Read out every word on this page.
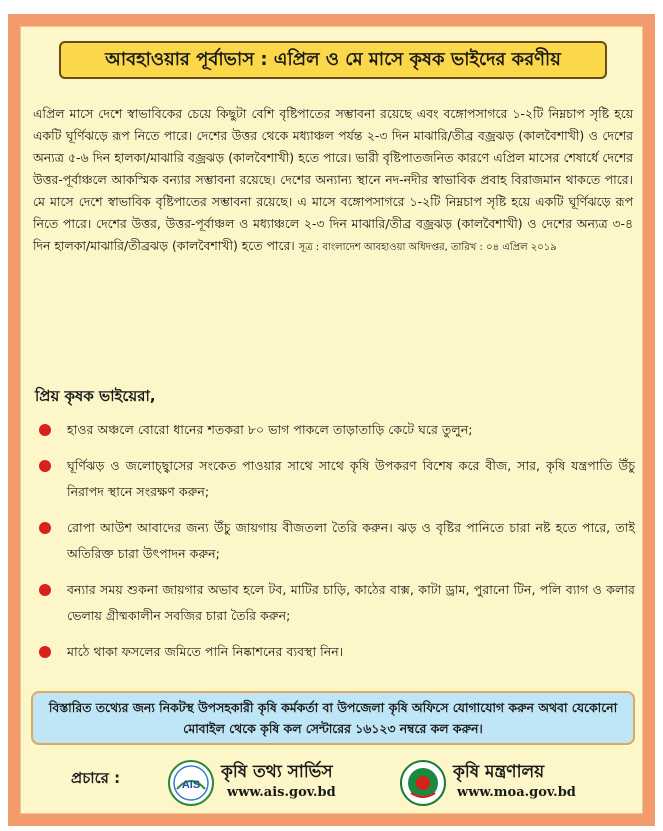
আবহাওয়ার পূর্বাভাস : এপ্রিল ও মে মাসে কৃষক ভাইদের করণীয়

এপ্রিল মাসে দেশে স্বাভাবিকের চেয়ে কিছুটা বেশি বৃষ্টিপাতের সম্ভাবনা রয়েছে এবং বঙ্গোপসাগরে ১-২টি নিম্নচাপ সৃষ্টি হয়ে একটি ঘূর্ণিঝড়ে রূপ নিতে পারে। দেশের উত্তর থেকে মধ্যাঞ্চল পর্যন্ত ২-৩ দিন মাঝারি/তীব্র বজ্রঝড় (কালবৈশাখী) ও দেশের অন্যত্র ৫-৬ দিন হালকা/মাঝারি বজ্রঝড় (কালবৈশাখী) হতে পারে। ভারী বৃষ্টিপাতজনিত কারণে এপ্রিল মাসের শেষার্ধে দেশের উত্তর-পূর্বাঞ্চলে আকস্মিক বন্যার সম্ভাবনা রয়েছে। দেশের অন্যান্য স্থানে নদ-নদীর স্বাভাবিক প্রবাহ বিরাজমান থাকতে পারে। মে মাসে দেশে স্বাভাবিক বৃষ্টিপাতের সম্ভাবনা রয়েছে। এ মাসে বঙ্গোপসাগরে ১-২টি নিম্নচাপ সৃষ্টি হয়ে একটি ঘূর্ণিঝড়ে রূপ নিতে পারে। দেশের উত্তর, উত্তর-পূর্বাঞ্চল ও মধ্যাঞ্চলে ২-৩ দিন মাঝারি/তীব্র বজ্রঝড় (কালবৈশাখী) ও দেশের অন্যত্র ৩-৪ দিন হালকা/মাঝারি/তীব্রঝড় (কালবৈশাখী) হতে পারে। সূত্র : বাংলাদেশ আবহাওয়া অধিদপ্তর, তারিখ : ০৪ এপ্রিল ২০১৯

প্রিয় কৃষক ভাইয়েরা,
হাওর অঞ্চলে বোরো ধানের শতকরা ৮০ ভাগ পাকলে তাড়াতাড়ি কেটে ঘরে তুলুন;
ঘূর্ণিঝড় ও জলোচ্ছ্বাসের সংকেত পাওয়ার সাথে সাথে কৃষি উপকরণ বিশেষ করে বীজ, সার, কৃষি যন্ত্রপাতি উঁচু নিরাপদ স্থানে সংরক্ষণ করুন;
রোপা আউশ আবাদের জন্য উঁচু জায়গায় বীজতলা তৈরি করুন। ঝড় ও বৃষ্টির পানিতে চারা নষ্ট হতে পারে, তাই অতিরিক্ত চারা উৎপাদন করুন;
বন্যার সময় শুকনা জায়গার অভাব হলে টব, মাটির চাড়ি, কাঠের বাক্স, কাটা ড্রাম, পুরানো টিন, পলি ব্যাগ ও কলার ভেলায় গ্রীষ্মকালীন সবজির চারা তৈরি করুন;
মাঠে থাকা ফসলের জমিতে পানি নিষ্কাশনের ব্যবস্থা নিন।
বিস্তারিত তথ্যের জন্য নিকটস্থ উপসহকারী কৃষি কর্মকর্তা বা উপজেলা কৃষি অফিসে যোগাযোগ করুন অথবা যেকোনো মোবাইল থেকে কৃষি কল সেন্টারের ১৬১২৩ নম্বরে কল করুন।
প্রচারে :	AIS
কৃষি তথ্য সার্ভিস
www.ais.gov.bd
কৃষি মন্ত্রণালয়
www.moa.gov.bd
